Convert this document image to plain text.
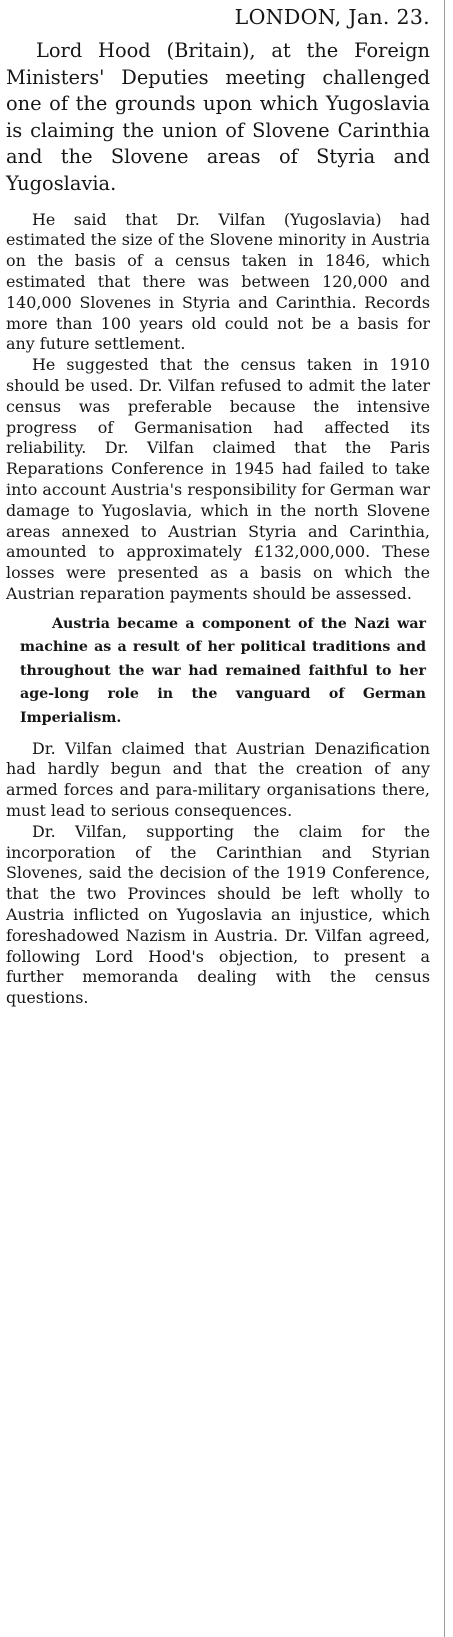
LONDON, Jan. 23.

Lord Hood (Britain), at the Foreign Ministers' Deputies meeting challenged one of the grounds upon which Yugoslavia is claiming the union of Slovene Carinthia and the Slovene areas of Styria and Yugoslavia.

He said that Dr. Vilfan (Yugoslavia) had estimated the size of the Slovene minority in Austria on the basis of a census taken in 1846, which estimated that there was between 120,000 and 140,000 Slovenes in Styria and Carinthia. Records more than 100 years old could not be a basis for any future settlement.

He suggested that the census taken in 1910 should be used. Dr. Vilfan refused to admit the later census was preferable because the intensive progress of Germanisation had affected its reliability. Dr. Vilfan claimed that the Paris Reparations Conference in 1945 had failed to take into account Austria's responsibility for German war damage to Yugoslavia, which in the north Slovene areas annexed to Austrian Styria and Carinthia, amounted to approximately £132,000,000. These losses were presented as a basis on which the Austrian reparation payments should be assessed.

Austria became a component of the Nazi war machine as a result of her political traditions and throughout the war had remained faithful to her age-long role in the vanguard of German Imperialism.

Dr. Vilfan claimed that Austrian Denazification had hardly begun and that the creation of any armed forces and para-military organisations there, must lead to serious consequences.

Dr. Vilfan, supporting the claim for the incorporation of the Carinthian and Styrian Slovenes, said the decision of the 1919 Conference, that the two Provinces should be left wholly to Austria inflicted on Yugoslavia an injustice, which foreshadowed Nazism in Austria. Dr. Vilfan agreed, following Lord Hood's objection, to present a further memoranda dealing with the census questions.
